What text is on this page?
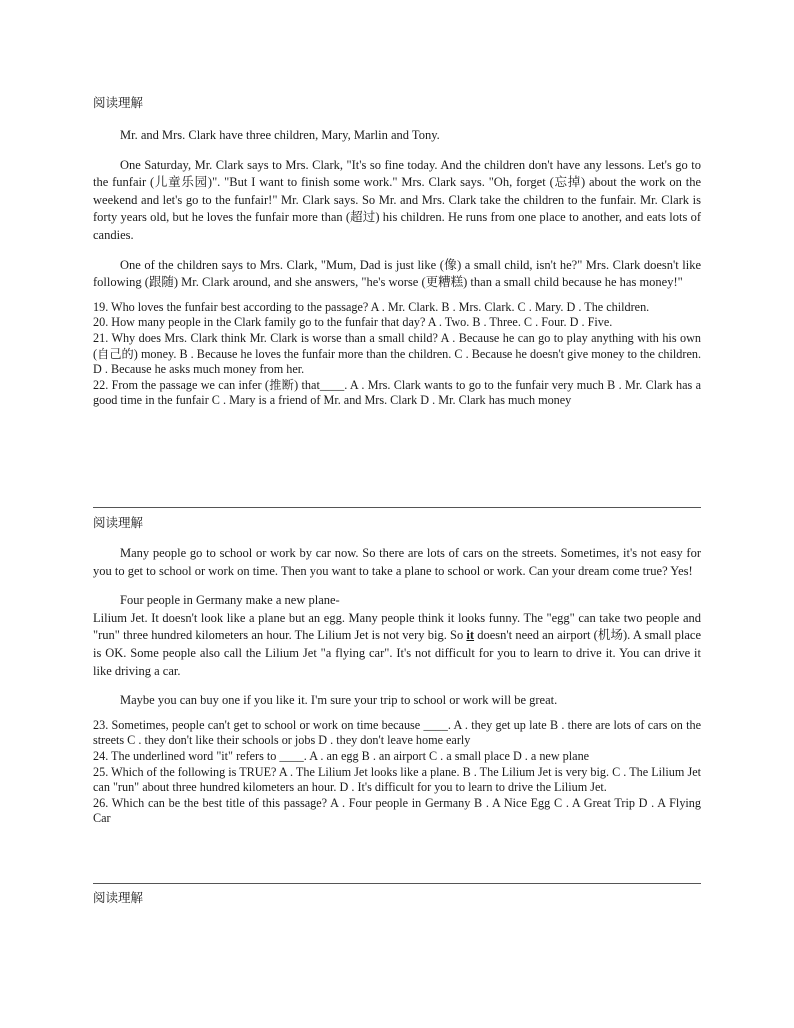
阅读理解

Mr. and Mrs. Clark have three children, Mary, Marlin and Tony.

One Saturday, Mr. Clark says to Mrs. Clark, "It's so fine today. And the children don't have any lessons. Let's go to the funfair (儿童乐园)". "But I want to finish some work." Mrs. Clark says. "Oh, forget (忘掉) about the work on the weekend and let's go to the funfair!" Mr. Clark says. So Mr. and Mrs. Clark take the children to the funfair. Mr. Clark is forty years old, but he loves the funfair more than (超过) his children. He runs from one place to another, and eats lots of candies.

One of the children says to Mrs. Clark, "Mum, Dad is just like (像) a small child, isn't he?" Mrs. Clark doesn't like following (跟随) Mr. Clark around, and she answers, "he's worse (更糟糕) than a small child because he has money!"

19. Who loves the funfair best according to the passage? A . Mr. Clark. B . Mrs. Clark. C . Mary. D . The children.

20. How many people in the Clark family go to the funfair that day? A . Two. B . Three. C . Four. D . Five.

21. Why does Mrs. Clark think Mr. Clark is worse than a small child? A . Because he can go to play anything with his own (自己的) money. B . Because he loves the funfair more than the children. C . Because he doesn't give money to the children. D . Because he asks much money from her.

22. From the passage we can infer (推断) that____. A . Mrs. Clark wants to go to the funfair very much B . Mr. Clark has a good time in the funfair C . Mary is a friend of Mr. and Mrs. Clark D . Mr. Clark has much money

阅读理解

Many people go to school or work by car now. So there are lots of cars on the streets. Sometimes, it's not easy for you to get to school or work on time. Then you want to take a plane to school or work. Can your dream come true? Yes!

Four people in Germany make a new plane-

Lilium Jet. It doesn't look like a plane but an egg. Many people think it looks funny. The "egg" can take two people and "run" three hundred kilometers an hour. The Lilium Jet is not very big. So it doesn't need an airport (机场). A small place is OK. Some people also call the Lilium Jet "a flying car". It's not difficult for you to learn to drive it. You can drive it like driving a car.

Maybe you can buy one if you like it. I'm sure your trip to school or work will be great.

23. Sometimes, people can't get to school or work on time because ____. A . they get up late B . there are lots of cars on the streets C . they don't like their schools or jobs D . they don't leave home early

24. The underlined word "it" refers to ____. A . an egg B . an airport C . a small place D . a new plane

25. Which of the following is TRUE? A . The Lilium Jet looks like a plane. B . The Lilium Jet is very big. C . The Lilium Jet can "run" about three hundred kilometers an hour. D . It's difficult for you to learn to drive the Lilium Jet.

26. Which can be the best title of this passage? A . Four people in Germany B . A Nice Egg C . A Great Trip D . A Flying Car

阅读理解
